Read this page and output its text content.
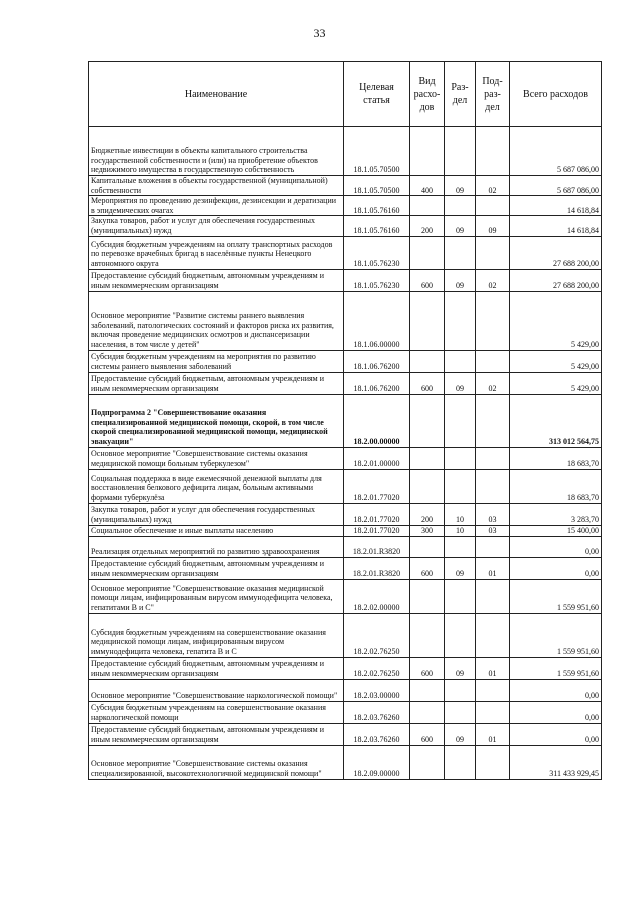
33
Наименование	Целевая статья	Вид расхо-дов	Раз-дел	Под-раз-дел	Всего расходов
Бюджетные инвестиции в объекты капитального строительства государственной собственности и (или) на приобретение объектов недвижимого имущества в государственную собственность	18.1.05.70500				5 687 086,00
Капитальные вложения в объекты государственной (муниципальной) собственности	18.1.05.70500	400	09	02	5 687 086,00
Мероприятия по проведению дезинфекции, дезинсекции и дератизации в эпидемических очагах	18.1.05.76160				14 618,84
Закупка товаров, работ и услуг для обеспечения государственных (муниципальных) нужд	18.1.05.76160	200	09	09	14 618,84
Субсидия бюджетным учреждениям на оплату транспортных расходов по перевозке врачебных бригад в населённые пункты Ненецкого автономного округа	18.1.05.76230				27 688 200,00
Предоставление субсидий бюджетным, автономным учреждениям и иным некоммерческим организациям	18.1.05.76230	600	09	02	27 688 200,00
Основное мероприятие "Развитие системы раннего выявления заболеваний, патологических состояний и факторов риска их развития, включая проведение медицинских осмотров и диспансеризации населения, в том числе у детей"	18.1.06.00000				5 429,00
Субсидия бюджетным учреждениям на мероприятия по развитию системы раннего выявления заболеваний	18.1.06.76200				5 429,00
Предоставление субсидий бюджетным, автономным учреждениям и иным некоммерческим организациям	18.1.06.76200	600	09	02	5 429,00
Подпрограмма 2 "Совершенствование оказания специализированной медицинской помощи, скорой, в том числе скорой специализированной медицинской помощи, медицинской эвакуации"	18.2.00.00000				313 012 564,75
Основное мероприятие "Совершенствование системы оказания медицинской помощи больным туберкулезом"	18.2.01.00000				18 683,70
Социальная поддержка в виде ежемесячной денежной выплаты для восстановления белкового дефицита лицам, больным активными формами туберкулёза	18.2.01.77020				18 683,70
Закупка товаров, работ и услуг для обеспечения государственных (муниципальных) нужд	18.2.01.77020	200	10	03	3 283,70
Социальное обеспечение и иные выплаты населению	18.2.01.77020	300	10	03	15 400,00
Реализация отдельных мероприятий по развитию здравоохранения	18.2.01.R3820				0,00
Предоставление субсидий бюджетным, автономным учреждениям и иным некоммерческим организациям	18.2.01.R3820	600	09	01	0,00
Основное мероприятие "Совершенствование оказания медицинской помощи лицам, инфицированным вирусом иммунодефицита человека, гепатитами B и C"	18.2.02.00000				1 559 951,60
Субсидия бюджетным учреждениям на совершенствование оказания медицинской помощи лицам, инфицированным вирусом иммунодефицита человека, гепатита B и C	18.2.02.76250				1 559 951,60
Предоставление субсидий бюджетным, автономным учреждениям и иным некоммерческим организациям	18.2.02.76250	600	09	01	1 559 951,60
Основное мероприятие "Совершенствование наркологической помощи"	18.2.03.00000				0,00
Субсидия бюджетным учреждениям на совершенствование оказания наркологической помощи	18.2.03.76260				0,00
Предоставление субсидий бюджетным, автономным учреждениям и иным некоммерческим организациям	18.2.03.76260	600	09	01	0,00
Основное мероприятие "Совершенствование системы оказания специализированной, высокотехнологичной медицинской помощи"	18.2.09.00000				311 433 929,45
